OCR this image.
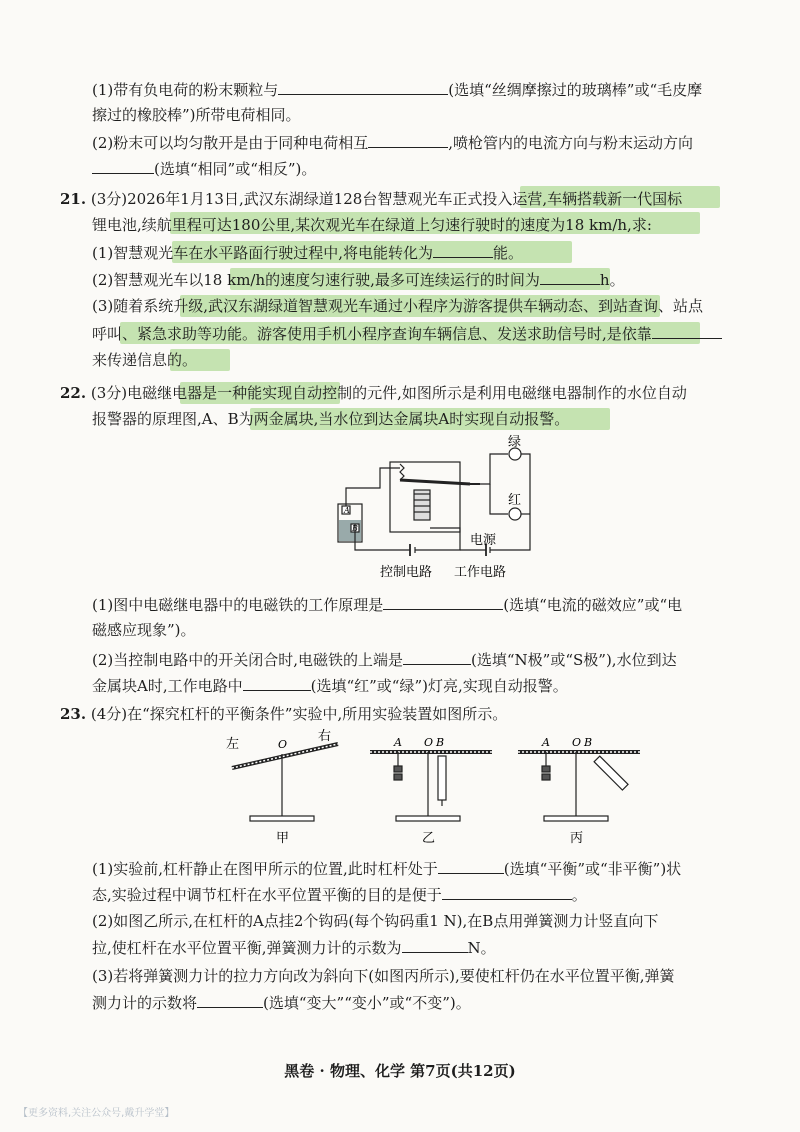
(1)带有负电荷的粉末颗粒与	(选填“丝绸摩擦过的玻璃棒”或“毛皮摩
擦过的橡胶棒”)所带电荷相同。
(2)粉末可以均匀散开是由于同种电荷相互	,喷枪管内的电流方向与粉末运动方向
(选填“相同”或“相反”)。
21. (3分)2026年1月13日,武汉东湖绿道128台智慧观光车正式投入运营,车辆搭载新一代国标
锂电池,续航里程可达180公里,某次观光车在绿道上匀速行驶时的速度为18 km/h,求:
(1)智慧观光车在水平路面行驶过程中,将电能转化为	能。
(2)智慧观光车以18 km/h的速度匀速行驶,最多可连续运行的时间为	h。
(3)随着系统升级,武汉东湖绿道智慧观光车通过小程序为游客提供车辆动态、到站查询、站点
呼叫、紧急求助等功能。游客使用手机小程序查询车辆信息、发送求助信号时,是依靠
来传递信息的。
22. (3分)电磁继电器是一种能实现自动控制的元件,如图所示是利用电磁继电器制作的水位自动
报警器的原理图,A、B为两金属块,当水位到达金属块A时实现自动报警。
绿
红
A
B
电源
控制电路 工作电路
(1)图中电磁继电器中的电磁铁的工作原理是	(选填“电流的磁效应”或“电
磁感应现象”)。
(2)当控制电路中的开关闭合时,电磁铁的上端是	(选填“N极”或“S极”),水位到达
金属块A时,工作电路中	(选填“红”或“绿”)灯亮,实现自动报警。
23. (4分)在“探究杠杆的平衡条件”实验中,所用实验装置如图所示。
左
右
O	A O B	A O B
甲	乙	丙
(1)实验前,杠杆静止在图甲所示的位置,此时杠杆处于	(选填“平衡”或“非平衡”)状
态,实验过程中调节杠杆在水平位置平衡的目的是便于	。
(2)如图乙所示,在杠杆的A点挂2个钩码(每个钩码重1 N),在B点用弹簧测力计竖直向下
拉,使杠杆在水平位置平衡,弹簧测力计的示数为	N。
(3)若将弹簧测力计的拉力方向改为斜向下(如图丙所示),要使杠杆仍在水平位置平衡,弹簧
测力计的示数将	(选填“变大”“变小”或“不变”)。
黑卷 · 物理、化学 第7页(共12页)
【更多资料,关注公众号,戴升学堂】
